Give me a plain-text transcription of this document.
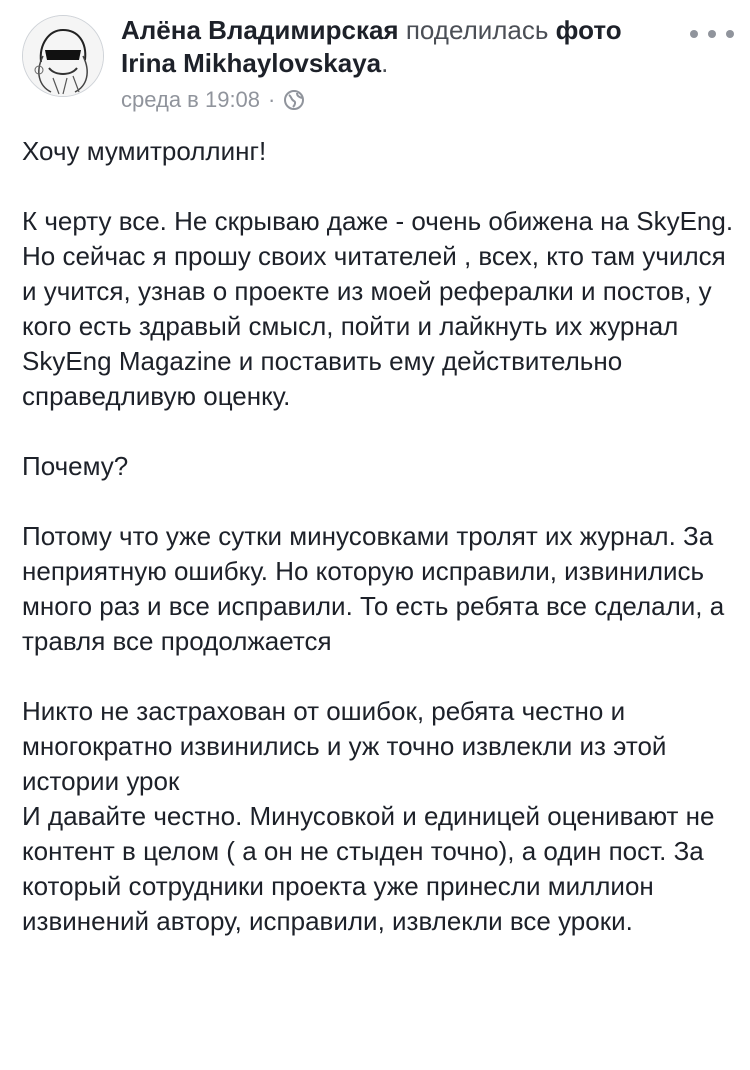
Алёна Владимирская поделилась фото
Irina Mikhaylovskaya.
среда в 19:08 ·

Хочу мумитроллинг!

К черту все. Не скрываю даже - очень обижена на SkyEng. Но сейчас я прошу своих читателей , всех, кто там учился и учится, узнав о проекте из моей рефералки и постов, у кого есть здравый смысл, пойти и лайкнуть их журнал SkyEng Magazine и поставить ему действительно справедливую оценку.

Почему?

Потому что уже сутки минусовками тролят их журнал. За неприятную ошибку. Но которую исправили, извинились много раз и все исправили. То есть ребята все сделали, а травля все продолжается

Никто не застрахован от ошибок, ребята честно и многократно извинились и уж точно извлекли из этой истории урок
И давайте честно. Минусовкой и единицей оценивают не контент в целом ( а он не стыден точно), а один пост. За который сотрудники проекта уже принесли миллион извинений автору, исправили, извлекли все уроки.
